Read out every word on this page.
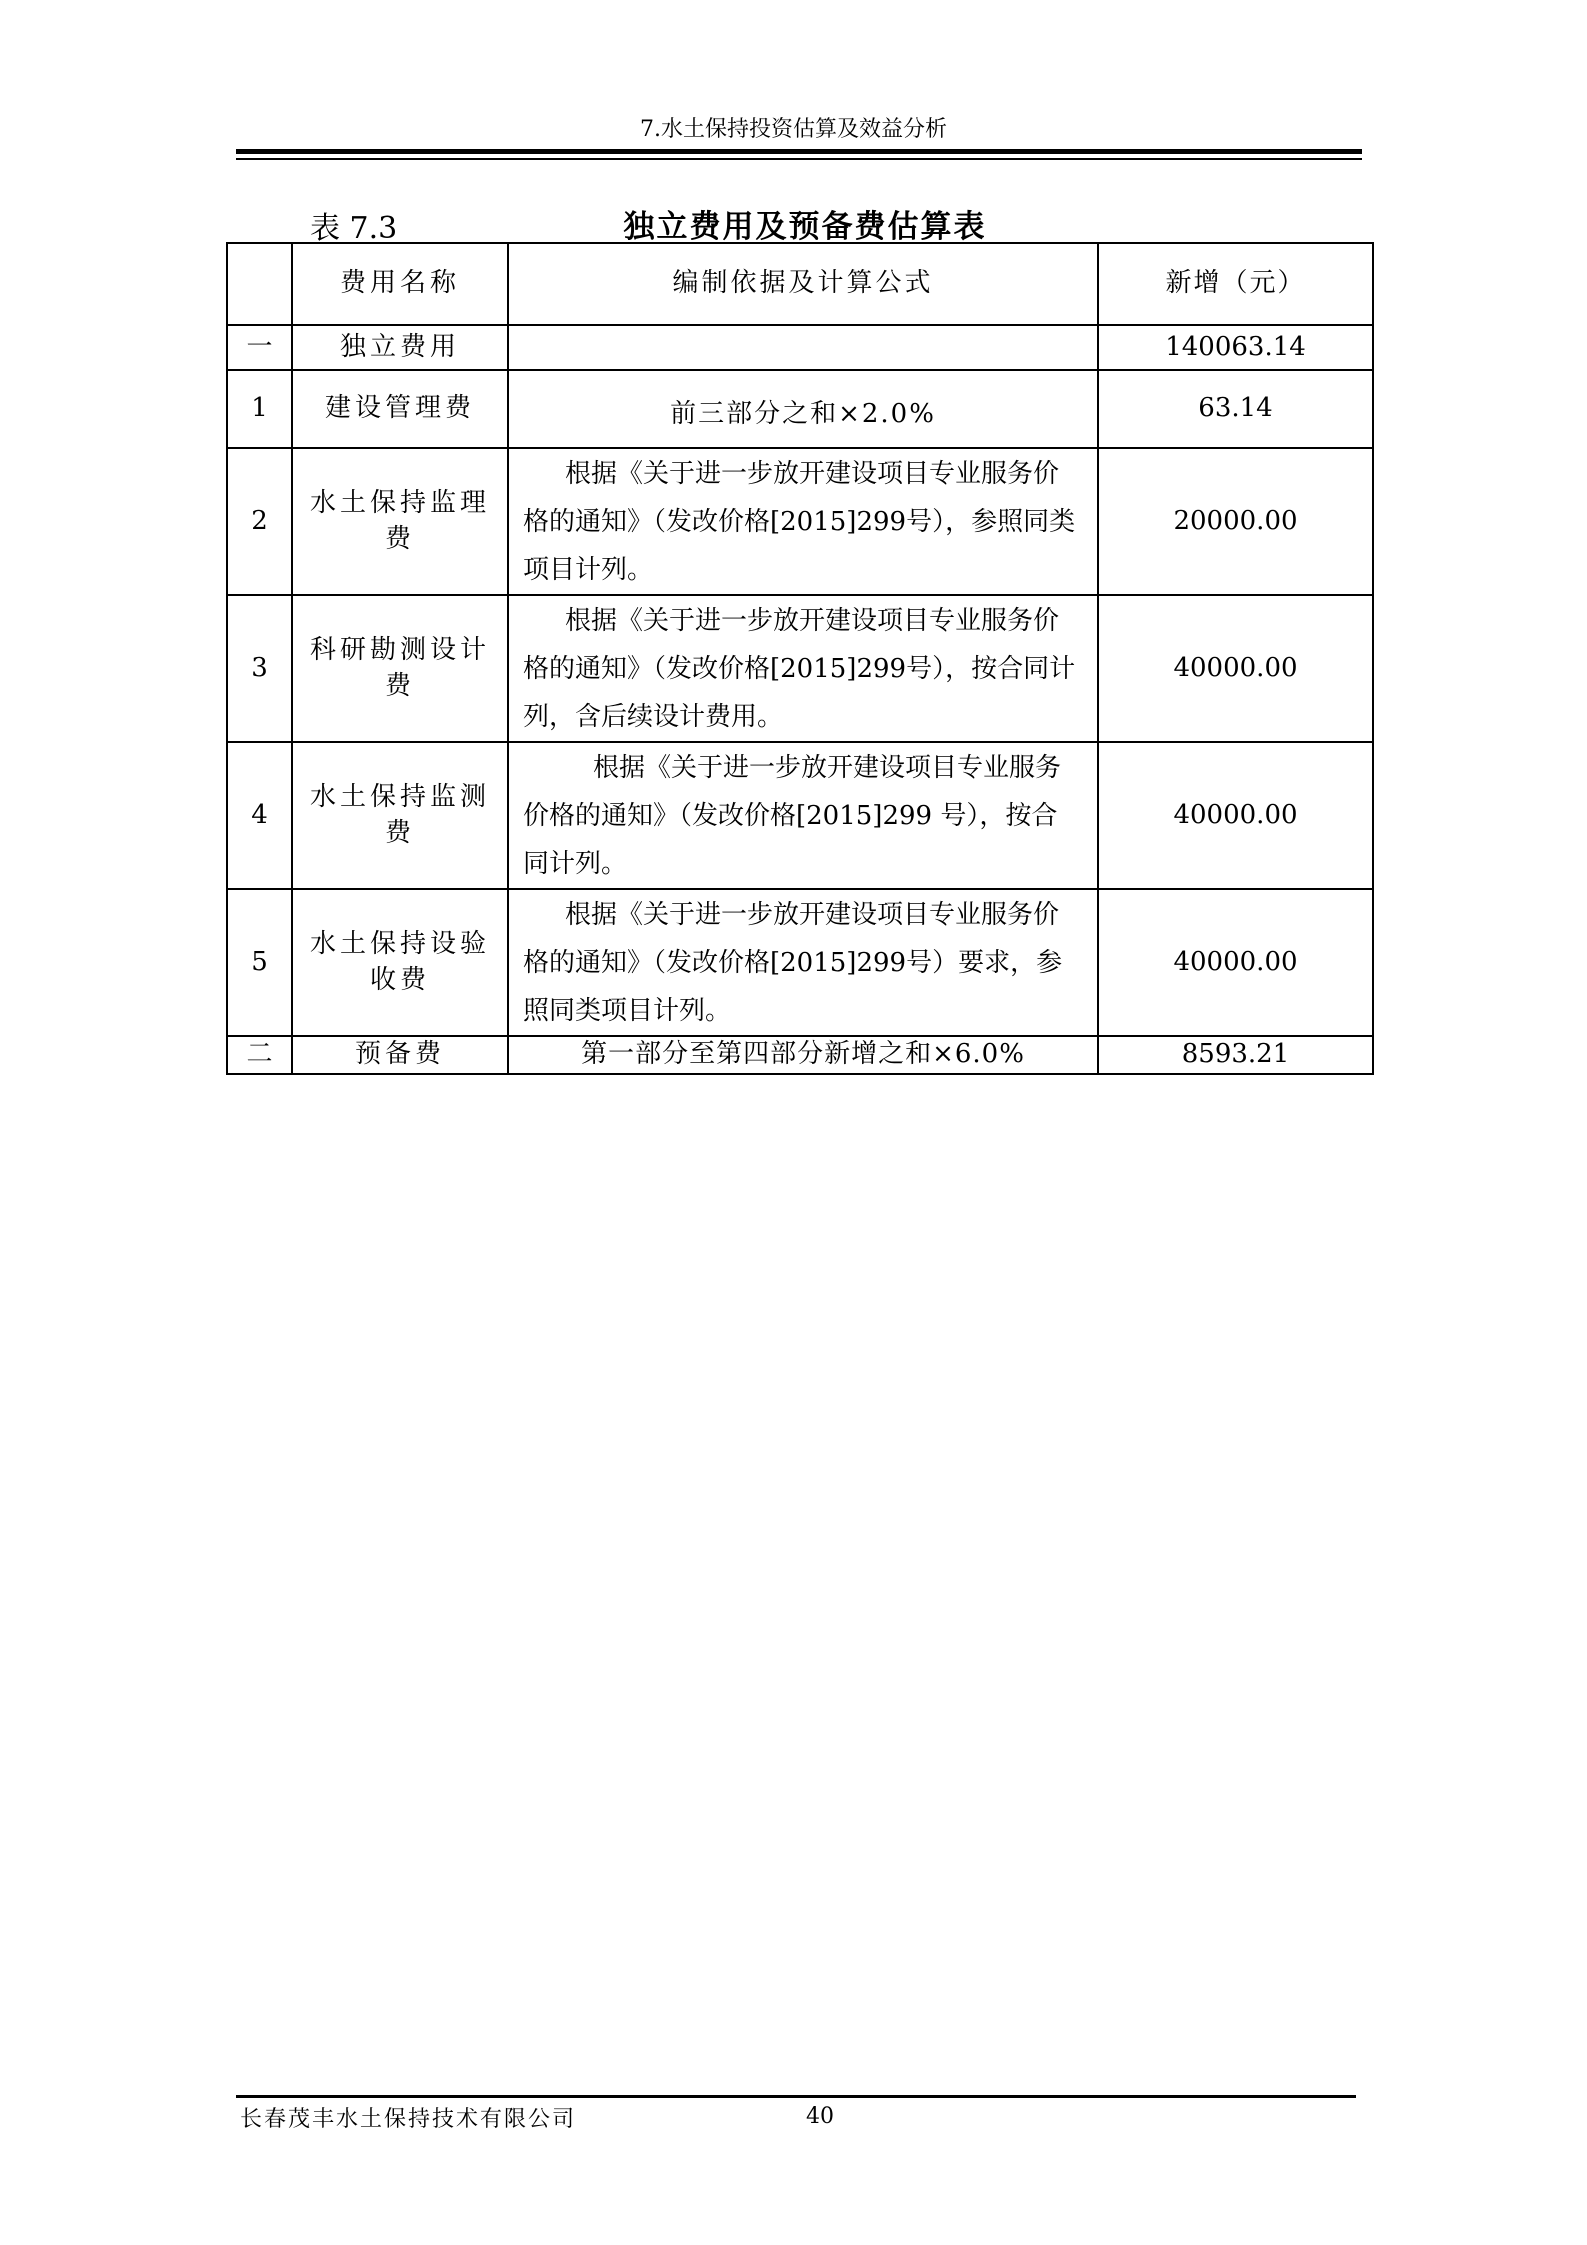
7.水土保持投资估算及效益分析
表 7.3	独立费用及预备费估算表
	费用名称	编制依据及计算公式	新增（元）
一	独立费用		140063.14
1	建设管理费	前三部分之和×2.0%	63.14
2	水土保持监理费	根据《关于进一步放开建设项目专业服务价格的通知》（发改价格[2015]299号），参照同类项目计列。	20000.00
3	科研勘测设计费	根据《关于进一步放开建设项目专业服务价格的通知》（发改价格[2015]299号），按合同计列，含后续设计费用。	40000.00
4	水土保持监测费	根据《关于进一步放开建设项目专业服务价格的通知》（发改价格[2015]299 号），按合同计列。	40000.00
5	水土保持设验收费	根据《关于进一步放开建设项目专业服务价格的通知》（发改价格[2015]299号）要求，参照同类项目计列。	40000.00
二	预备费	第一部分至第四部分新增之和×6.0%	8593.21
长春茂丰水土保持技术有限公司	40
